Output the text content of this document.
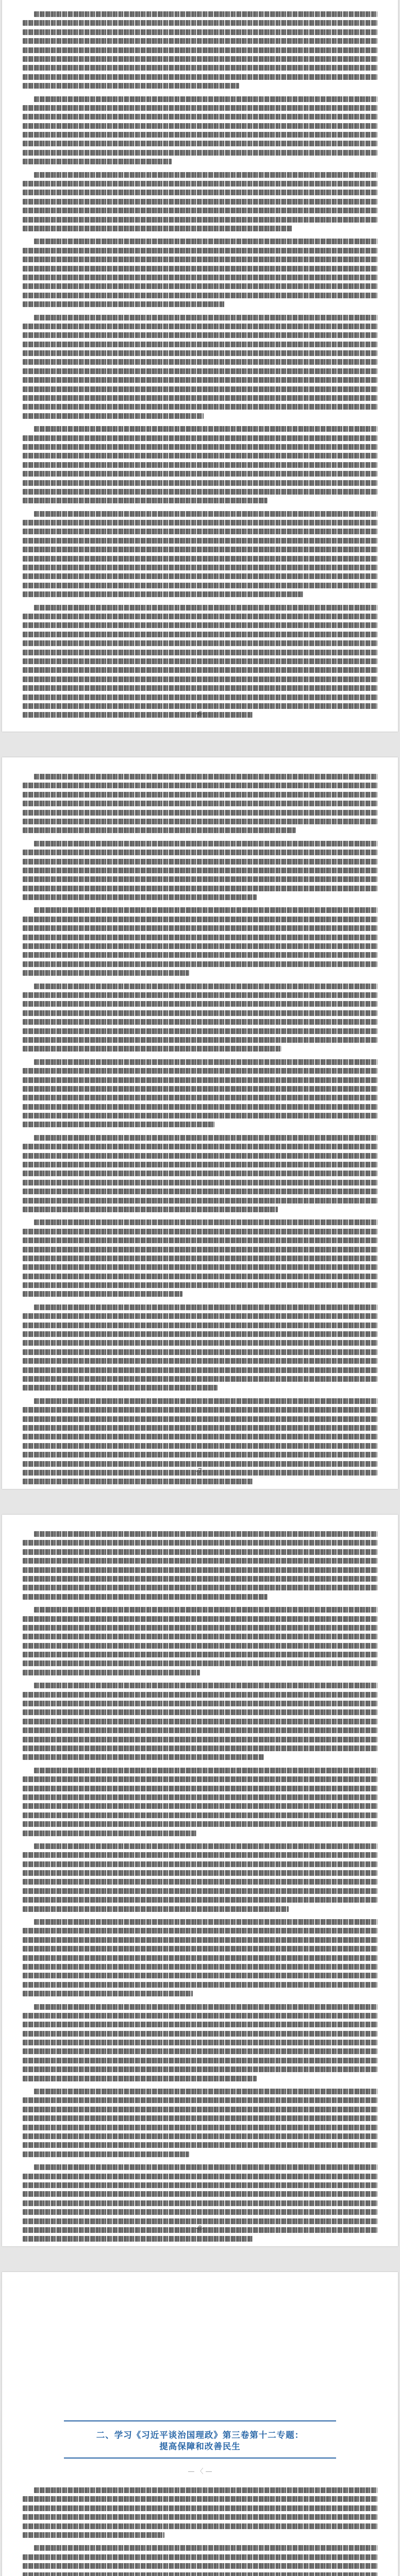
-6-
-7-
-8-
二、学习《习近平谈治国理政》第三卷第十二专题：
提高保障和改善民生
— 〈 —
